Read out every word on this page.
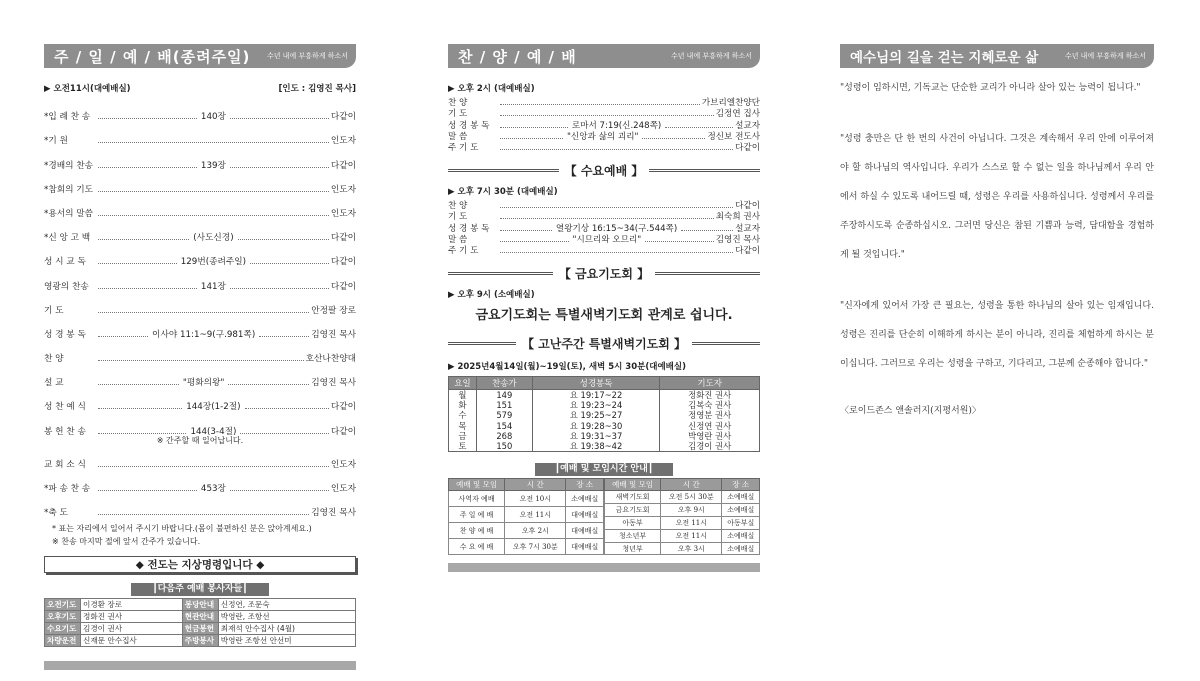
주 / 일 / 예 / 배(종려주일) 수년 내에 부흥하게 하소서
▶ 오전11시(대예배실)	[인도 : 김영진 목사]
*입 례 찬 송	140장	다같이
*기 원	인도자
*경배의 찬송	139장	다같이
*참회의 기도	인도자
*용서의 말씀	인도자
*신 앙 고 백	(사도신경)	다같이
성 시 교 독	129번(종려주일)	다같이
영광의 찬송	141장	다같이
기 도	안정팔 장로
성 경 봉 독	이사야 11:1~9(구.981쪽)	김영진 목사
찬 양	호산나찬양대
설 교	"평화의왕"	김영진 목사
성 찬 예 식	144장(1-2절)	다같이
봉 헌 찬 송	144(3-4절)	다같이
※ 간주할 때 일어납니다.
교 회 소 식	인도자
*파 송 찬 송	453장	인도자
*축 도	김영진 목사
* 표는 자리에서 일어서 주시기 바랍니다.(몸이 불편하신 분은 앉아계세요.)
※ 찬송 마지막 절에 앞서 간주가 있습니다.
◆ 전도는 지상명령입니다 ◆
┃다음주 예배 봉사자들┃
오전기도	이경환 장로	봉당안내	신정연, 조문숙
오후기도	정화진 권사	현관안내	박영란, 조항선
수요기도	김경이 권사	헌금봉헌	최재석 안수집사 (4월)
차량운전	신재문 안수집사	주방봉사	박영란 조항선 안선미
찬 / 양 / 예 / 배	수년 내에 부흥하게 하소서
▶ 오후 2시 (대예배실)
찬 양	가브리엘찬양단
기 도	김정연 집사
성 경 봉 독	로마서 7:19(신.248쪽)	설교자
말 씀	"신앙과 삶의 괴리"	정신보 전도사
주 기 도	다같이
【 수요예배 】
▶ 오후 7시 30분 (대예배실)
찬 양	다같이
기 도	최숙희 권사
성 경 봉 독	열왕기상 16:15~34(구.544쪽)	설교자
말 씀	"시므리와 오므리"	김영진 목사
주 기 도	다같이
【 금요기도회 】
▶ 오후 9시 (소예배실)
금요기도회는 특별새벽기도회 관계로 쉽니다.
【 고난주간 특별새벽기도회 】
▶ 2025년4월14일(월)~19일(토), 새벽 5시 30분(대예배실)
요일	찬송가	성경봉독	기도자
월	149	요 19:17~22	정화진 권사
화	151	요 19:23~24	김복숙 권사
수	579	요 19:25~27	정영분 권사
목	154	요 19:28~30	신정연 권사
금	268	요 19:31~37	박영란 권사
토	150	요 19:38~42	김경이 권사
┃예배 및 모임시간 안내┃
예배 및 모임	시 간	장 소
사역자 예배	오전 10시	소예배실
주 일 예 배	오전 11시	대예배실
찬 양 예 배	오후 2시	대예배실
수 요 예 배	오후 7시 30분	대예배실
예배 및 모임	시 간	장 소
새벽기도회	오전 5시 30분	소예배실
금요기도회	오후 9시	소예배실
아동부	오전 11시	아동부실
청소년부	오전 11시	소예배실
청년부	오후 3시	소예배실
예수님의 길을 걷는 지혜로운 삶	수년 내에 부흥하게 하소서

"성령이 임하시면, 기독교는 단순한 교리가 아니라 살아 있는 능력이 됩니다."

"성령 충만은 단 한 번의 사건이 아닙니다. 그것은 계속해서 우리 안에 이루어져야 할 하나님의 역사입니다. 우리가 스스로 할 수 없는 일을 하나님께서 우리 안에서 하실 수 있도록 내어드릴 때, 성령은 우리를 사용하십니다. 성령께서 우리를 주장하시도록 순종하십시오. 그러면 당신은 참된 기쁨과 능력, 담대함을 경험하게 될 것입니다."

"신자에게 있어서 가장 큰 필요는, 성령을 통한 하나님의 살아 있는 임재입니다. 성령은 진리를 단순히 이해하게 하시는 분이 아니라, 진리를 체험하게 하시는 분이십니다. 그러므로 우리는 성령을 구하고, 기다리고, 그분께 순종해야 합니다."

〈로이드존스 앤솔러지(지평서원)〉
